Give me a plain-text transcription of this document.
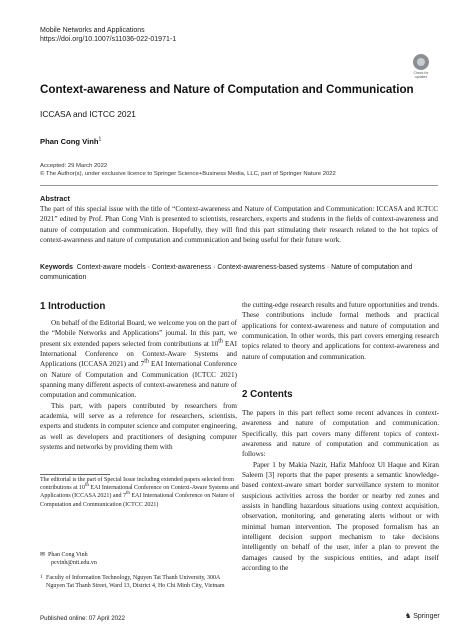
Mobile Networks and Applications
https://doi.org/10.1007/s11036-022-01971-1
Check for
updates
Context-awareness and Nature of Computation and Communication
ICCASA and ICTCC 2021
Phan Cong Vinh$^1$
Accepted: 29 March 2022
© The Author(s), under exclusive licence to Springer Science+Business Media, LLC, part of Springer Nature 2022
Abstract
The part of this special issue with the title of “Context-awareness and Nature of Computation and Communication: ICCASA and ICTCC 2021” edited by Prof. Phan Cong Vinh is presented to scientists, researchers, experts and students in the fields of context-awareness and nature of computation and communication. Hopefully, they will find this part stimulating their research related to the hot topics of context-awareness and nature of computation and communication and being useful for their future work.
Keywords Context-aware models · Context-awareness · Context-awareness-based systems · Nature of computation and communication
1 Introduction

On behalf of the Editorial Board, we welcome you on the part of the “Mobile Networks and Applications” journal. In this part, we present six extended papers selected from contributions at 10th EAI International Conference on Context-Aware Systems and Applications (ICCASA 2021) and 7th EAI International Conference on Nature of Computation and Communication (ICTCC 2021) spanning many different aspects of context-awareness and nature of computation and communication.

This part, with papers contributed by researchers from academia, will serve as a reference for researchers, scientists, experts and students in computer science and computer engineering, as well as developers and practitioners of designing computer systems and networks by providing them with

The editorial is the part of Special Issue including extended papers selected from contributions at 10th EAI International Conference on Context-Aware Systems and Applications (ICCASA 2021) and 7th EAI International Conference on Nature of Computation and Communication (ICTCC 2021)
✉ Phan Cong Vinh
pcvinh@ntt.edu.vn
1 Faculty of Information Technology, Nguyen Tat Thanh University, 300A Nguyen Tat Thanh Street, Ward 13, District 4, Ho Chi Minh City, Vietnam
the cutting-edge research results and future opportunities and trends. These contributions include formal methods and practical applications for context-awareness and nature of computation and communication. In other words, this part covers emerging research topics related to theory and applications for context-awareness and nature of computation and communication.
2 Contents

The papers in this part reflect some recent advances in context-awareness and nature of computation and communication. Specifically, this part covers many different topics of context-awareness and nature of computation and communication as follows:

Paper 1 by Makia Nazir, Hafiz Mahfooz Ul Haque and Kiran Saleem [3] reports that the paper presents a semantic knowledge-based context-aware smart border surveillance system to monitor suspicious activities across the border or nearby red zones and assists in handling hazardous situations using context acquisition, observation, monitoring, and generating alerts without or with minimal human intervention. The proposed formalism has an intelligent decision support mechanism to take decisions intelligently on behalf of the user, infer a plan to prevent the damages caused by the suspicious entities, and adapt itself according to the

Published online: 07 April 2022	♞ Springer
